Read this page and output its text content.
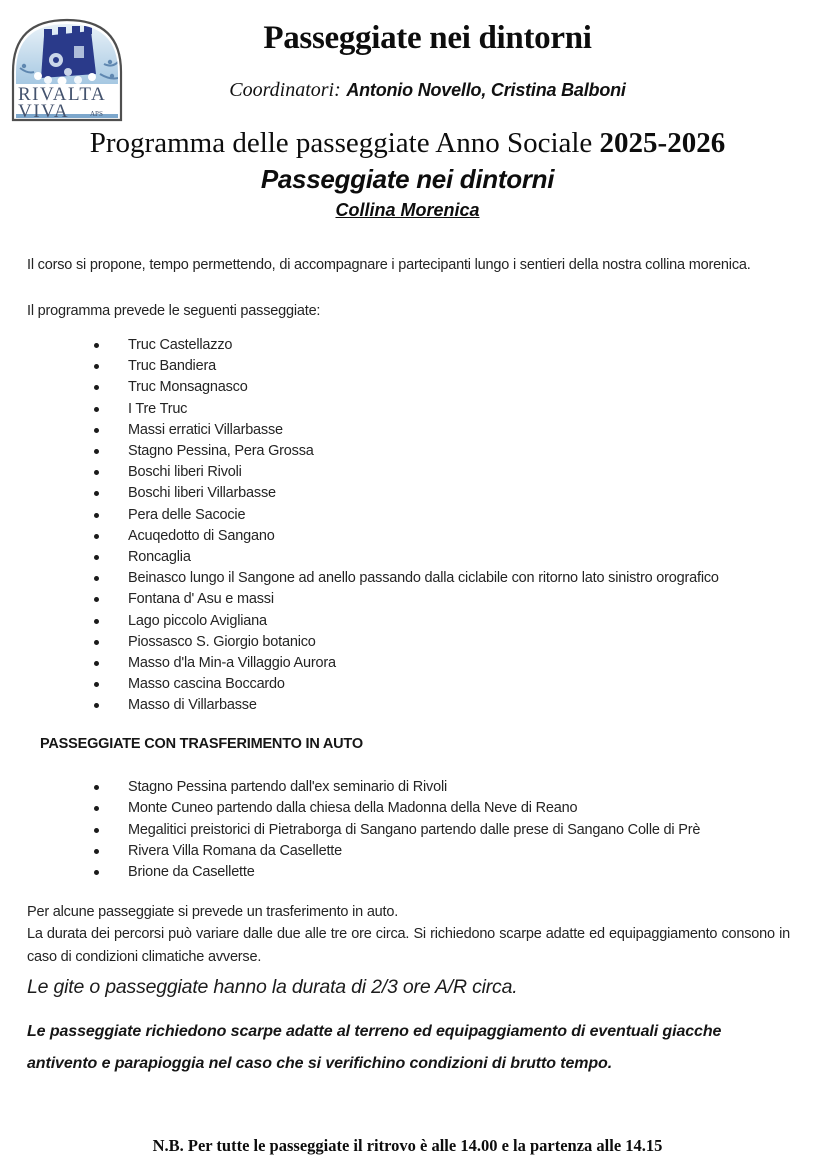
RIVALTA
VIVA	APS
Passeggiate nei dintorni
Coordinatori: Antonio Novello, Cristina Balboni
Programma delle passeggiate Anno Sociale 2025-2026
Passeggiate nei dintorni
Collina Morenica

Il corso si propone, tempo permettendo, di accompagnare i partecipanti lungo i sentieri della nostra collina morenica.

Il programma prevede le seguenti passeggiate:

Truc Castellazzo
Truc Bandiera
Truc Monsagnasco
I Tre Truc
Massi erratici Villarbasse
Stagno Pessina, Pera Grossa
Boschi liberi Rivoli
Boschi liberi Villarbasse
Pera delle Sacocie
Acuqedotto di Sangano
Roncaglia
Beinasco lungo il Sangone ad anello passando dalla ciclabile con ritorno lato sinistro orografico
Fontana d' Asu e massi
Lago piccolo Avigliana
Piossasco S. Giorgio botanico
Masso d'la Min-a Villaggio Aurora
Masso cascina Boccardo
Masso di Villarbasse
PASSEGGIATE CON TRASFERIMENTO IN AUTO
Stagno Pessina partendo dall'ex seminario di Rivoli
Monte Cuneo partendo dalla chiesa della Madonna della Neve di Reano
Megalitici preistorici di Pietraborga di Sangano partendo dalle prese di Sangano Colle di Prè
Rivera Villa Romana da Casellette
Brione da Casellette
Per alcune passeggiate si prevede un trasferimento in auto.
La durata dei percorsi può variare dalle due alle tre ore circa. Si richiedono scarpe adatte ed equipaggiamento consono in caso di condizioni climatiche avverse.
Le gite o passeggiate hanno la durata di 2/3 ore A/R circa.
Le passeggiate richiedono scarpe adatte al terreno ed equipaggiamento di eventuali giacche antivento e parapioggia nel caso che si verifichino condizioni di brutto tempo.
N.B. Per tutte le passeggiate il ritrovo è alle 14.00 e la partenza alle 14.15
